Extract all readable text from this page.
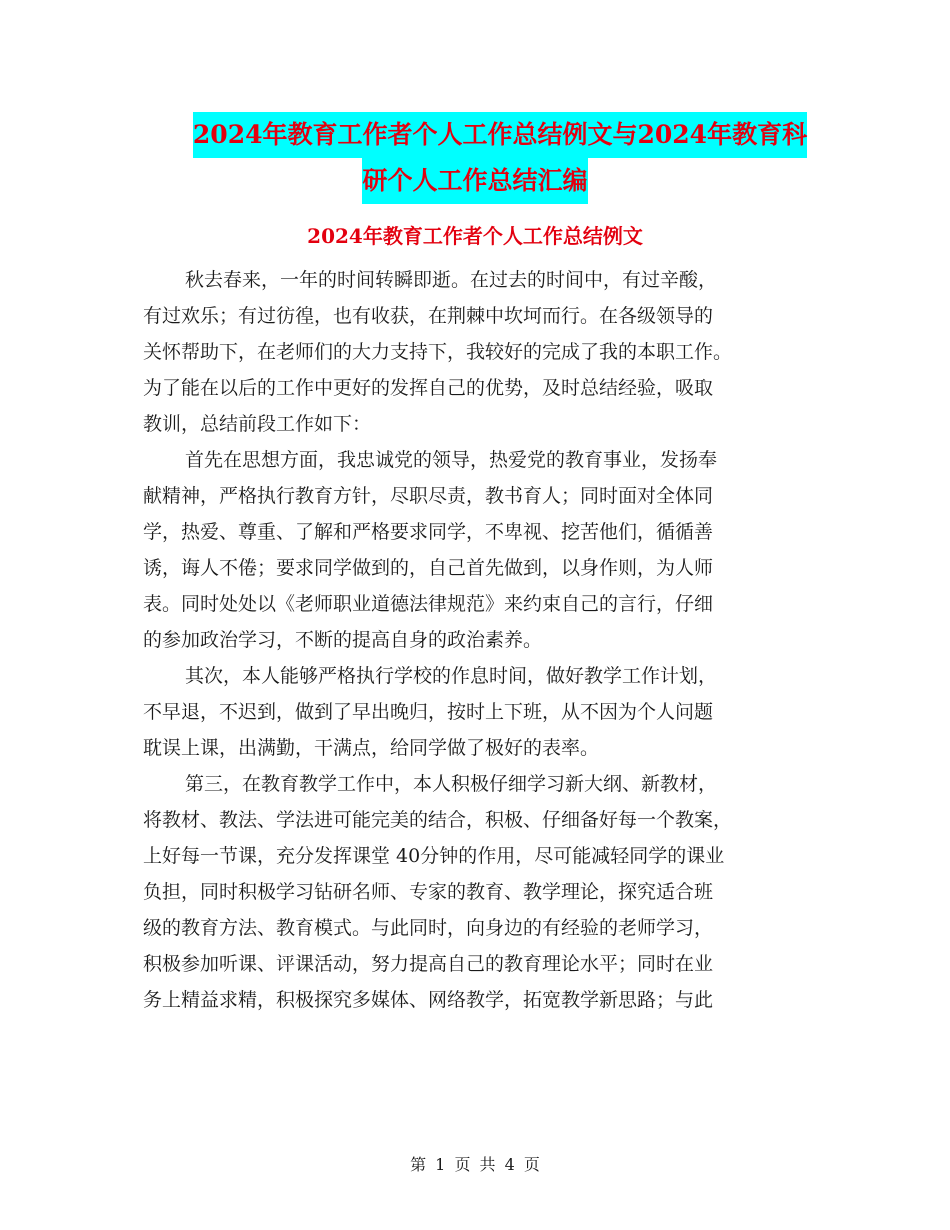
2024年教育工作者个人工作总结例文与2024年教育科
研个人工作总结汇编
2024年教育工作者个人工作总结例文

秋去春来，一年的时间转瞬即逝。在过去的时间中，有过辛酸，
有过欢乐；有过彷徨，也有收获，在荆棘中坎坷而行。在各级领导的
关怀帮助下，在老师们的大力支持下，我较好的完成了我的本职工作。
为了能在以后的工作中更好的发挥自己的优势，及时总结经验，吸取
教训，总结前段工作如下：

首先在思想方面，我忠诚党的领导，热爱党的教育事业，发扬奉
献精神，严格执行教育方针，尽职尽责，教书育人；同时面对全体同
学，热爱、尊重、了解和严格要求同学，不卑视、挖苦他们，循循善
诱，诲人不倦；要求同学做到的，自己首先做到，以身作则，为人师
表。同时处处以《老师职业道德法律规范》来约束自己的言行，仔细
的参加政治学习，不断的提高自身的政治素养。

其次，本人能够严格执行学校的作息时间，做好教学工作计划，
不早退，不迟到，做到了早出晚归，按时上下班，从不因为个人问题
耽误上课，出满勤，干满点，给同学做了极好的表率。

第三，在教育教学工作中，本人积极仔细学习新大纲、新教材，
将教材、教法、学法进可能完美的结合，积极、仔细备好每一个教案，
上好每一节课，充分发挥课堂 40分钟的作用，尽可能减轻同学的课业
负担，同时积极学习钻研名师、专家的教育、教学理论，探究适合班
级的教育方法、教育模式。与此同时，向身边的有经验的老师学习，
积极参加听课、评课活动，努力提高自己的教育理论水平；同时在业
务上精益求精，积极探究多媒体、网络教学，拓宽教学新思路；与此

第 1 页 共 4 页
